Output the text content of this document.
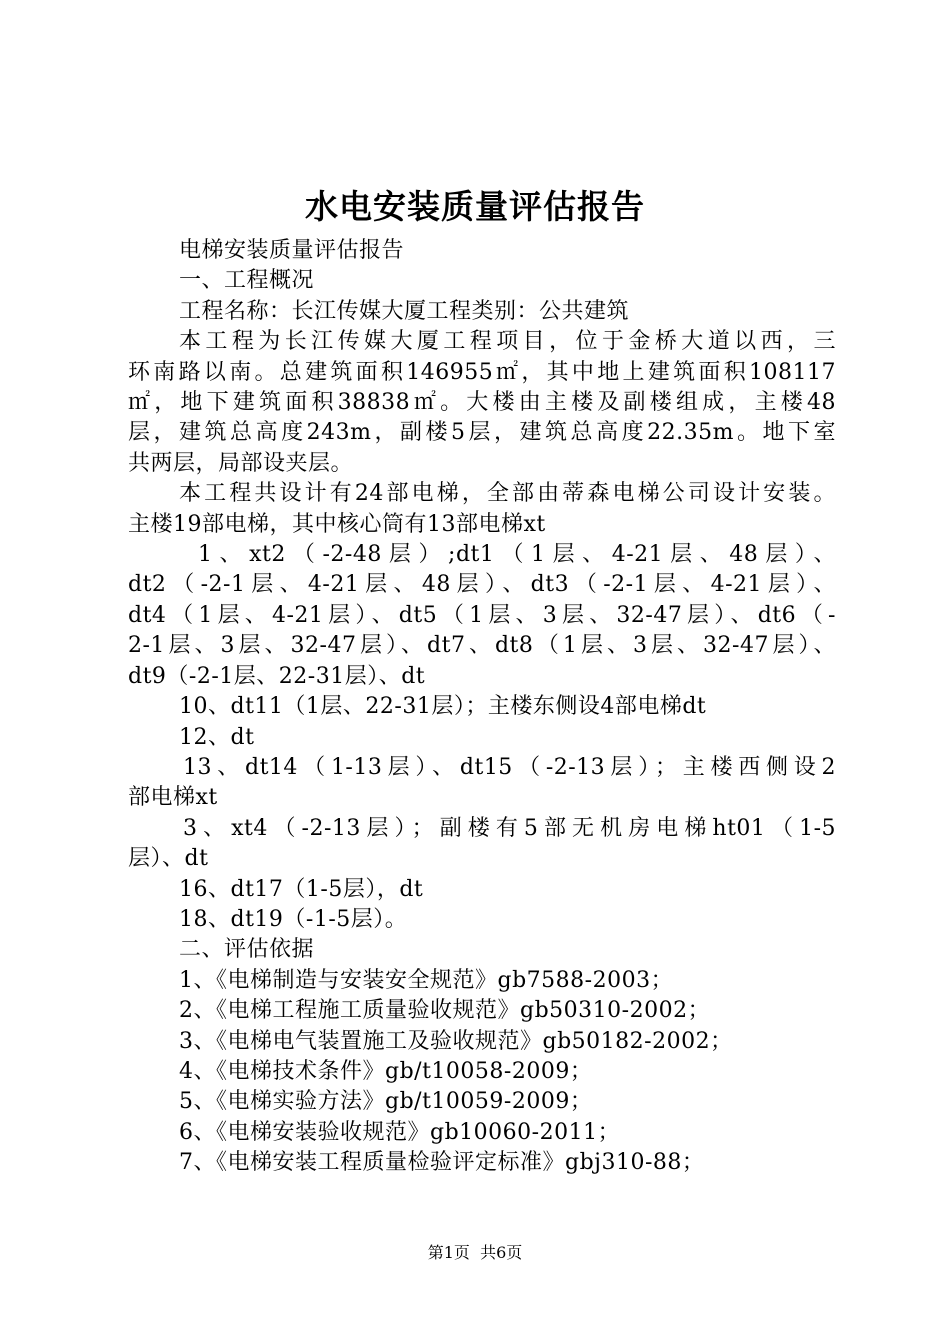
水电安装质量评估报告

电梯安装质量评估报告

一、工程概况

工程名称：长江传媒大厦工程类别：公共建筑

本工程为长江传媒大厦工程项目，位于金桥大道以西，三

环南路以南。总建筑面积146955㎡，其中地上建筑面积108117

㎡，地下建筑面积38838㎡。大楼由主楼及副楼组成，主楼48

层，建筑总高度243m，副楼5层，建筑总高度22.35m。地下室

共两层，局部设夹层。

本工程共设计有24部电梯，全部由蒂森电梯公司设计安装。

主楼19部电梯，其中核心筒有13部电梯xt

1、xt2（-2-48层）;dt1（1层、4-21层、48层）、

dt2（-2-1层、4-21层、48层）、dt3（-2-1层、4-21层）、

dt4（1层、4-21层）、dt5（1层、3层、32-47层）、dt6（-

2-1层、3层、32-47层）、dt7、dt8（1层、3层、32-47层）、

dt9（-2-1层、22-31层）、dt

10、dt11（1层、22-31层）；主楼东侧设4部电梯dt

12、dt

13、dt14（1-13层）、dt15（-2-13层）；主楼西侧设2

部电梯xt

3、xt4（-2-13层）；副楼有5部无机房电梯ht01（1-5

层）、dt

16、dt17（1-5层），dt

18、dt19（-1-5层）。

二、评估依据

1、《电梯制造与安装安全规范》gb7588-2003；

2、《电梯工程施工质量验收规范》gb50310-2002；

3、《电梯电气装置施工及验收规范》gb50182-2002；

4、《电梯技术条件》gb/t10058-2009；

5、《电梯实验方法》gb/t10059-2009；

6、《电梯安装验收规范》gb10060-2011；

7、《电梯安装工程质量检验评定标准》gbj310-88；

第1页 共6页
